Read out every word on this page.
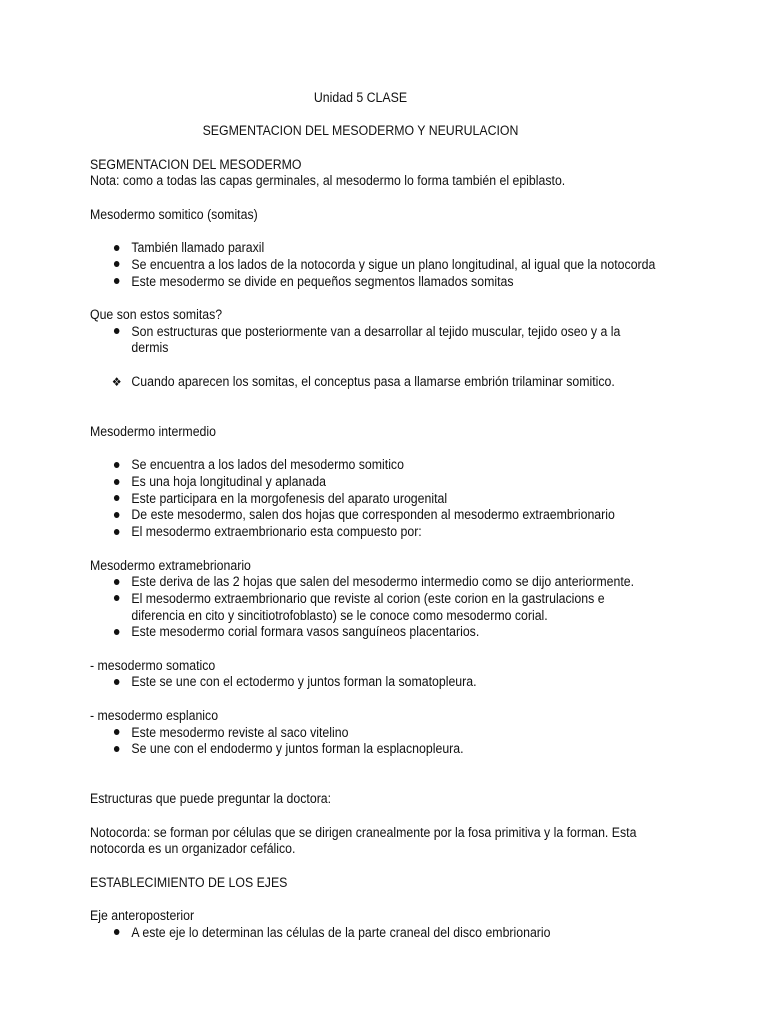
Unidad 5 CLASE

SEGMENTACION DEL MESODERMO Y NEURULACION

SEGMENTACION DEL MESODERMO

Nota: como a todas las capas germinales, al mesodermo lo forma también el epiblasto.

Mesodermo somitico (somitas)

También llamado paraxil
Se encuentra a los lados de la notocorda y sigue un plano longitudinal, al igual que la notocorda
Este mesodermo se divide en pequeños segmentos llamados somitas

Que son estos somitas?

Son estructuras que posteriormente van a desarrollar al tejido muscular, tejido oseo y a la dermis
❖ Cuando aparecen los somitas, el conceptus pasa a llamarse embrión trilaminar somitico.

Mesodermo intermedio

Se encuentra a los lados del mesodermo somitico
Es una hoja longitudinal y aplanada
Este participara en la morgofenesis del aparato urogenital
De este mesodermo, salen dos hojas que corresponden al mesodermo extraembrionario
El mesodermo extraembrionario esta compuesto por:

Mesodermo extramebrionario

Este deriva de las 2 hojas que salen del mesodermo intermedio como se dijo anteriormente.
El mesodermo extraembrionario que reviste al corion (este corion en la gastrulacions e diferencia en cito y sincitiotrofoblasto) se le conoce como mesodermo corial.
Este mesodermo corial formara vasos sanguíneos placentarios.

- mesodermo somatico

Este se une con el ectodermo y juntos forman la somatopleura.

- mesodermo esplanico

Este mesodermo reviste al saco vitelino
Se une con el endodermo y juntos forman la esplacnopleura.

Estructuras que puede preguntar la doctora:

Notocorda: se forman por células que se dirigen cranealmente por la fosa primitiva y la forman. Esta notocorda es un organizador cefálico.

ESTABLECIMIENTO DE LOS EJES

Eje anteroposterior

A este eje lo determinan las células de la parte craneal del disco embrionario
